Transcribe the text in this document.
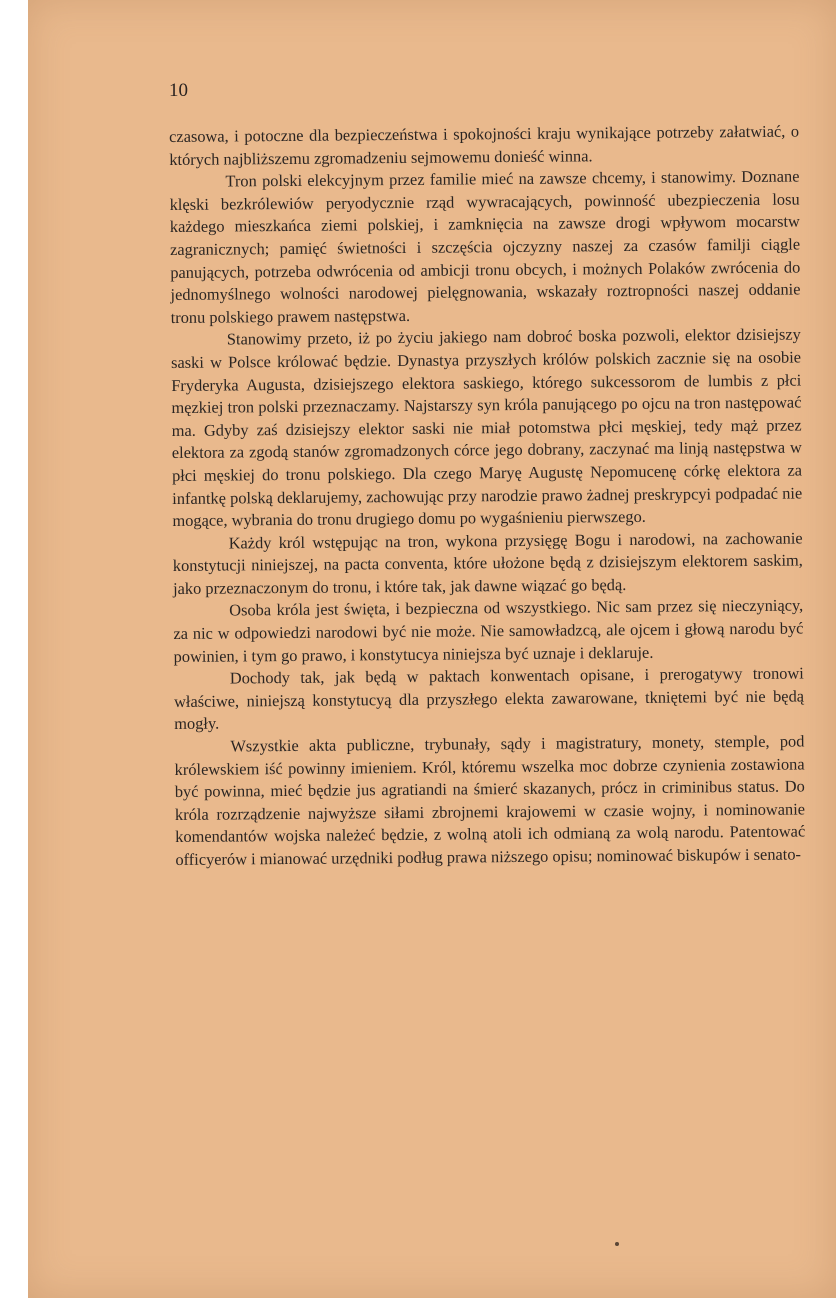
10

czasowa, i potoczne dla bezpieczeństwa i spokojności kraju wynikające potrzeby załatwiać, o których najbliższemu zgromadzeniu sejmowemu donieść winna.

Tron polski elekcyjnym przez familie mieć na zawsze chcemy, i stanowimy. Doznane klęski bezkrólewiów peryodycznie rząd wywracających, powinność ubezpieczenia losu każdego mieszkańca ziemi polskiej, i zamknięcia na zawsze drogi wpływom mocarstw zagranicznych; pamięć świetności i szczęścia ojczyzny naszej za czasów familji ciągle panujących, potrzeba odwrócenia od ambicji tronu obcych, i możnych Polaków zwrócenia do jednomyślnego wolności narodowej pielęgnowania, wskazały roztropności naszej oddanie tronu polskiego prawem następstwa.

Stanowimy przeto, iż po życiu jakiego nam dobroć boska pozwoli, elektor dzisiejszy saski w Polsce królować będzie. Dynastya przyszłych królów polskich zacznie się na osobie Fryderyka Augusta, dzisiejszego elektora saskiego, którego sukcessorom de lumbis z płci męzkiej tron polski przeznaczamy. Najstarszy syn króla panującego po ojcu na tron następować ma. Gdyby zaś dzisiejszy elektor saski nie miał potomstwa płci męskiej, tedy mąż przez elektora za zgodą stanów zgromadzonych córce jego dobrany, zaczynać ma linją następstwa w płci męskiej do tronu polskiego. Dla czego Maryę Augustę Nepomucenę córkę elektora za infantkę polską deklarujemy, zachowując przy narodzie prawo żadnej preskrypcyi podpadać nie mogące, wybrania do tronu drugiego domu po wygaśnieniu pierwszego.

Każdy król wstępując na tron, wykona przysięgę Bogu i narodowi, na zachowanie konstytucji niniejszej, na pacta conventa, które ułożone będą z dzisiejszym elektorem saskim, jako przeznaczonym do tronu, i które tak, jak dawne wiązać go będą.

Osoba króla jest święta, i bezpieczna od wszystkiego. Nic sam przez się nieczyniący, za nic w odpowiedzi narodowi być nie może. Nie samowładzcą, ale ojcem i głową narodu być powinien, i tym go prawo, i konstytucya niniejsza być uznaje i deklaruje.

Dochody tak, jak będą w paktach konwentach opisane, i prerogatywy tronowi właściwe, niniejszą konstytucyą dla przyszłego elekta zawarowane, tkniętemi być nie będą mogły.

Wszystkie akta publiczne, trybunały, sądy i magistratury, monety, stemple, pod królewskiem iść powinny imieniem. Król, któremu wszelka moc dobrze czynienia zostawiona być powinna, mieć będzie jus agratiandi na śmierć skazanych, prócz in criminibus status. Do króla rozrządzenie najwyższe siłami zbrojnemi krajowemi w czasie wojny, i nominowanie komendantów wojska należeć będzie, z wolną atoli ich odmianą za wolą narodu. Patentować officyerów i mianować urzędniki podług prawa niższego opisu; nominować biskupów i senato-
